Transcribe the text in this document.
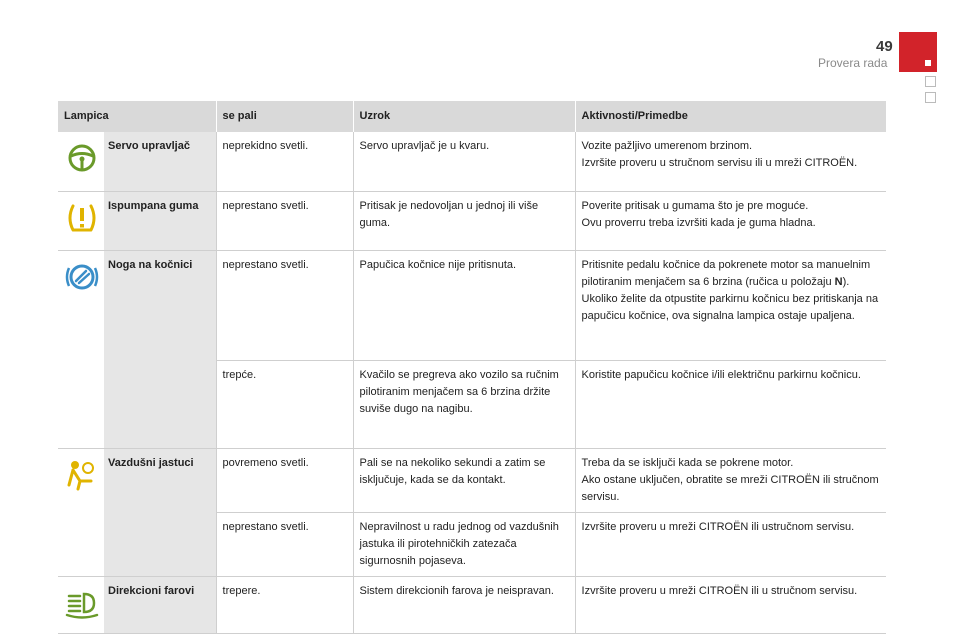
49
Provera rada
Lampica		se pali	Uzrok	Aktivnosti/Primedbe
	Servo upravljač	neprekidno svetli.	Servo upravljač je u kvaru.	Vozite pažljivo umerenom brzinom.
Izvršite proveru u stručnom servisu ili u mreži CITROËN.

	Ispumpana guma	neprestano svetli.	Pritisak je nedovoljan u jednoj ili više guma.	Poverite pritisak u gumama što je pre moguće.
Ovu proverru treba izvršiti kada je guma hladna.

	Noga na kočnici	neprestano svetli.	Papučica kočnice nije pritisnuta.	Pritisnite pedalu kočnice da pokrenete motor sa manuelnim pilotiranim menjačem sa 6 brzina (ručica u položaju N).
Ukoliko želite da otpustite parkirnu kočnicu bez pritiskanja na papučicu kočnice, ova signalna lampica ostaje upaljena.

		trepće.	Kvačilo se pregreva ako vozilo sa ručnim pilotiranim menjačem sa 6 brzina držite suviše dugo na nagibu.	Koristite papučicu kočnice i/ili električnu parkirnu kočnicu.

	Vazdušni jastuci	povremeno svetli.	Pali se na nekoliko sekundi a zatim se isključuje, kada se da kontakt.	Treba da se isključi kada se pokrene motor.
Ako ostane uključen, obratite se mreži CITROËN ili stručnom servisu.

		neprestano svetli.	Nepravilnost u radu jednog od vazdušnih jastuka ili pirotehničkih zatezača sigurnosnih pojaseva.	Izvršite proveru u mreži CITROËN ili ustručnom servisu.

	Direkcioni farovi	trepere.	Sistem direkcionih farova je neispravan.	Izvršite proveru u mreži CITROËN ili u stručnom servisu.
